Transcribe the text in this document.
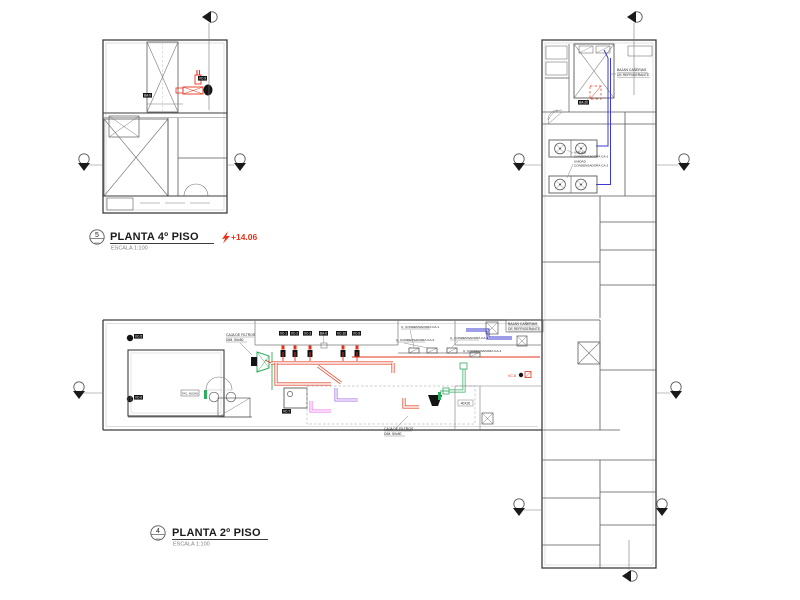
VC-9
BA-9
BA-10
BAJAN CAÑERIAS
DE REFRIGERANTE
UNIDAD
CONDENSADORA CA-1
UNIDAD
CONDENSADORA CA-2
VC-5
VC-6
TAC. NICHO
CAJA DE FILTROS
DIM. 50x50
VC-1 VC-2 VC-3	BA-6	VC-10 VC-9
VC-7
U. CONDENSADORA CA-1
U. CONDENSADORA CA-2	U. CONDENSADORA CA-3
U. CONDENSADORA CA-4
40X20
VC-8
BAJAN CAÑERIAS
DE REFRIGERANTE
CAJA DE FILTROS
DIM. 50x50
5 PLANTA 4º PISO
ESCALA 1:100
+14.06
4 PLANTA 2º PISO
ESCALA 1:100
